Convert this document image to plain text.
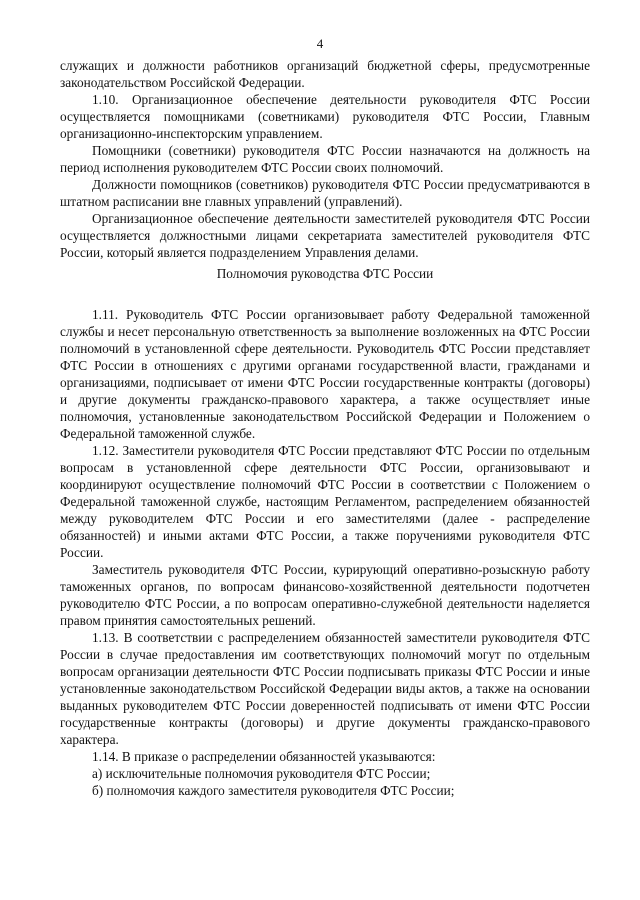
4

служащих и должности работников организаций бюджетной сферы, предусмотренные законодательством Российской Федерации.

1.10. Организационное обеспечение деятельности руководителя ФТС России осуществляется помощниками (советниками) руководителя ФТС России, Главным организационно-инспекторским управлением.

Помощники (советники) руководителя ФТС России назначаются на должность на период исполнения руководителем ФТС России своих полномочий.

Должности помощников (советников) руководителя ФТС России предусматриваются в штатном расписании вне главных управлений (управлений).

Организационное обеспечение деятельности заместителей руководителя ФТС России осуществляется должностными лицами секретариата заместителей руководителя ФТС России, который является подразделением Управления делами.

Полномочия руководства ФТС России

1.11. Руководитель ФТС России организовывает работу Федеральной таможенной службы и несет персональную ответственность за выполнение возложенных на ФТС России полномочий в установленной сфере деятельности. Руководитель ФТС России представляет ФТС России в отношениях с другими органами государственной власти, гражданами и организациями, подписывает от имени ФТС России государственные контракты (договоры) и другие документы гражданско-правового характера, а также осуществляет иные полномочия, установленные законодательством Российской Федерации и Положением о Федеральной таможенной службе.

1.12. Заместители руководителя ФТС России представляют ФТС России по отдельным вопросам в установленной сфере деятельности ФТС России, организовывают и координируют осуществление полномочий ФТС России в соответствии с Положением о Федеральной таможенной службе, настоящим Регламентом, распределением обязанностей между руководителем ФТС России и его заместителями (далее - распределение обязанностей) и иными актами ФТС России, а также поручениями руководителя ФТС России.

Заместитель руководителя ФТС России, курирующий оперативно-розыскную работу таможенных органов, по вопросам финансово-хозяйственной деятельности подотчетен руководителю ФТС России, а по вопросам оперативно-служебной деятельности наделяется правом принятия самостоятельных решений.

1.13. В соответствии с распределением обязанностей заместители руководителя ФТС России в случае предоставления им соответствующих полномочий могут по отдельным вопросам организации деятельности ФТС России подписывать приказы ФТС России и иные установленные законодательством Российской Федерации виды актов, а также на основании выданных руководителем ФТС России доверенностей подписывать от имени ФТС России государственные контракты (договоры) и другие документы гражданско-правового характера.

1.14. В приказе о распределении обязанностей указываются:

а) исключительные полномочия руководителя ФТС России;

б) полномочия каждого заместителя руководителя ФТС России;
